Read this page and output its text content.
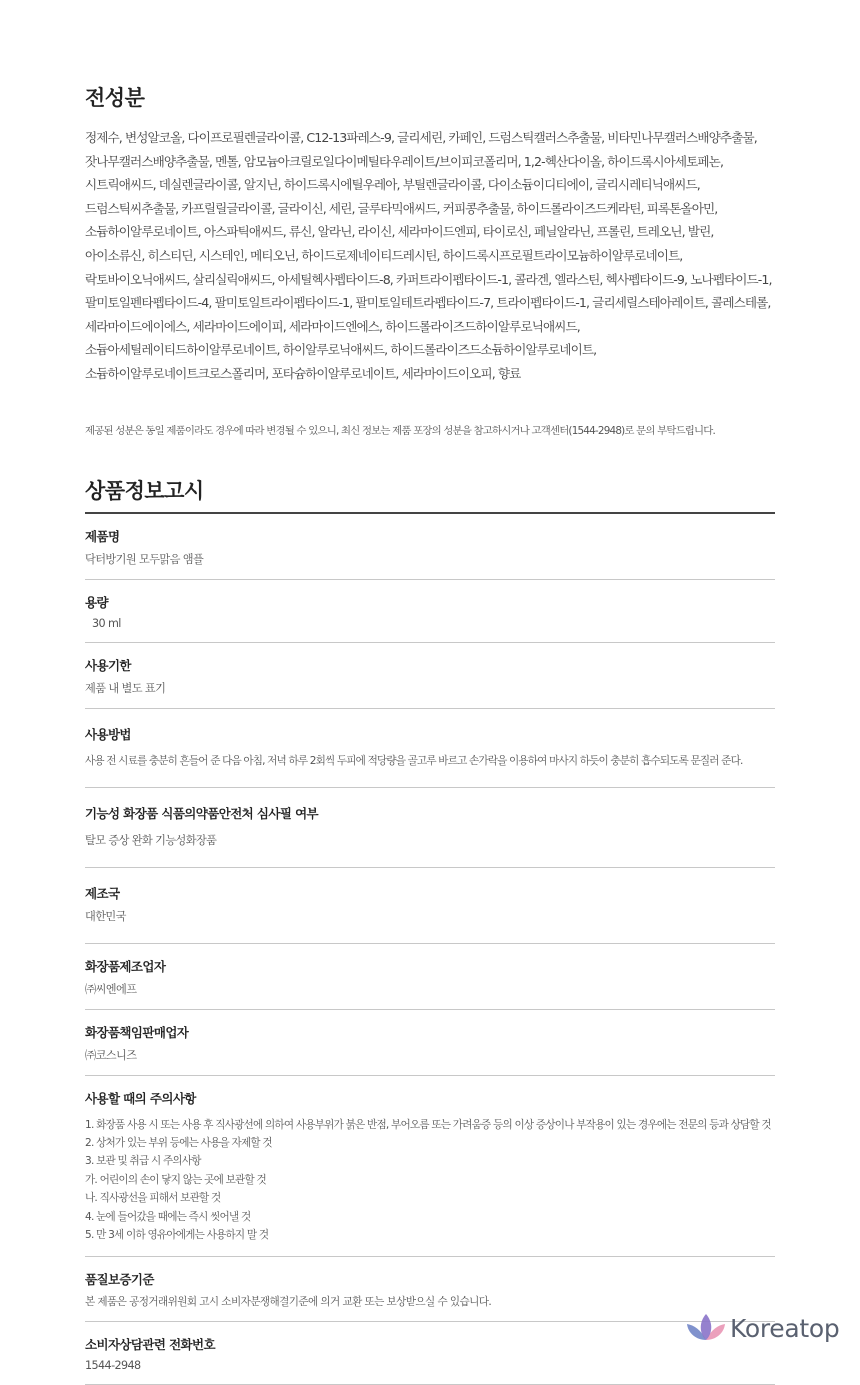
전성분

정제수, 변성알코올, 다이프로필렌글라이콜, C12-13파레스-9, 글리세린, 카페인, 드럼스틱캘러스추출물, 비타민나무캘러스배양추출물, 잣나무캘러스배양추출물, 멘톨, 암모늄아크릴로일다이메틸타우레이트/브이피코폴리머, 1,2-헥산다이올, 하이드록시아세토페논, 시트릭애씨드, 데실렌글라이콜, 알지닌, 하이드록시에틸우레아, 부틸렌글라이콜, 다이소듐이디티에이, 글리시레티닉애씨드, 드럼스틱씨추출물, 카프릴릴글라이콜, 글라이신, 세린, 글루타믹애씨드, 커피콩추출물, 하이드롤라이즈드케라틴, 피록톤올아민, 소듐하이알루로네이트, 아스파틱애씨드, 류신, 알라닌, 라이신, 세라마이드엔피, 타이로신, 페닐알라닌, 프롤린, 트레오닌, 발린, 아이소류신, 히스티딘, 시스테인, 메티오닌, 하이드로제네이티드레시틴, 하이드록시프로필트라이모늄하이알루로네이트, 락토바이오닉애씨드, 살리실릭애씨드, 아세틸헥사펩타이드-8, 카퍼트라이펩타이드-1, 콜라겐, 엘라스틴, 헥사펩타이드-9, 노나펩타이드-1, 팔미토일펜타펩타이드-4, 팔미토일트라이펩타이드-1, 팔미토일테트라펩타이드-7, 트라이펩타이드-1, 글리세릴스테아레이트, 콜레스테롤, 세라마이드에이에스, 세라마이드에이피, 세라마이드엔에스, 하이드롤라이즈드하이알루로닉애씨드, 소듐아세틸레이티드하이알루로네이트, 하이알루로닉애씨드, 하이드롤라이즈드소듐하이알루로네이트, 소듐하이알루로네이트크로스폴리머, 포타슘하이알루로네이트, 세라마이드이오피, 향료

제공된 성분은 동일 제품이라도 경우에 따라 변경될 수 있으니, 최신 정보는 제품 포장의 성분을 참고하시거나 고객센터(1544-2948)로 문의 부탁드립니다.

상품정보고시
제품명
닥터방기원 모두맑음 앰플
용량
30 ml
사용기한
제품 내 별도 표기
사용방법
사용 전 시료를 충분히 흔들어 준 다음 아침, 저녁 하루 2회씩 두피에 적당량을 골고루 바르고 손가락을 이용하여 마사지 하듯이 충분히 흡수되도록 문질러 준다.
기능성 화장품 식품의약품안전처 심사필 여부
탈모 증상 완화 기능성화장품
제조국
대한민국
화장품제조업자
㈜씨엔에프
화장품책임판매업자
㈜코스니즈
사용할 때의 주의사항
1. 화장품 사용 시 또는 사용 후 직사광선에 의하여 사용부위가 붉은 반점, 부어오름 또는 가려움증 등의 이상 증상이나 부작용이 있는 경우에는 전문의 등과 상담할 것
2. 상처가 있는 부위 등에는 사용을 자제할 것
3. 보관 및 취급 시 주의사항
가. 어린이의 손이 닿지 않는 곳에 보관할 것
나. 직사광선을 피해서 보관할 것
4. 눈에 들어갔을 때에는 즉시 씻어낼 것
5. 만 3세 이하 영유아에게는 사용하지 말 것
품질보증기준
본 제품은 공정거래위원회 고시 소비자분쟁해결기준에 의거 교환 또는 보상받으실 수 있습니다.
소비자상담관련 전화번호
1544-2948
Koreatop
